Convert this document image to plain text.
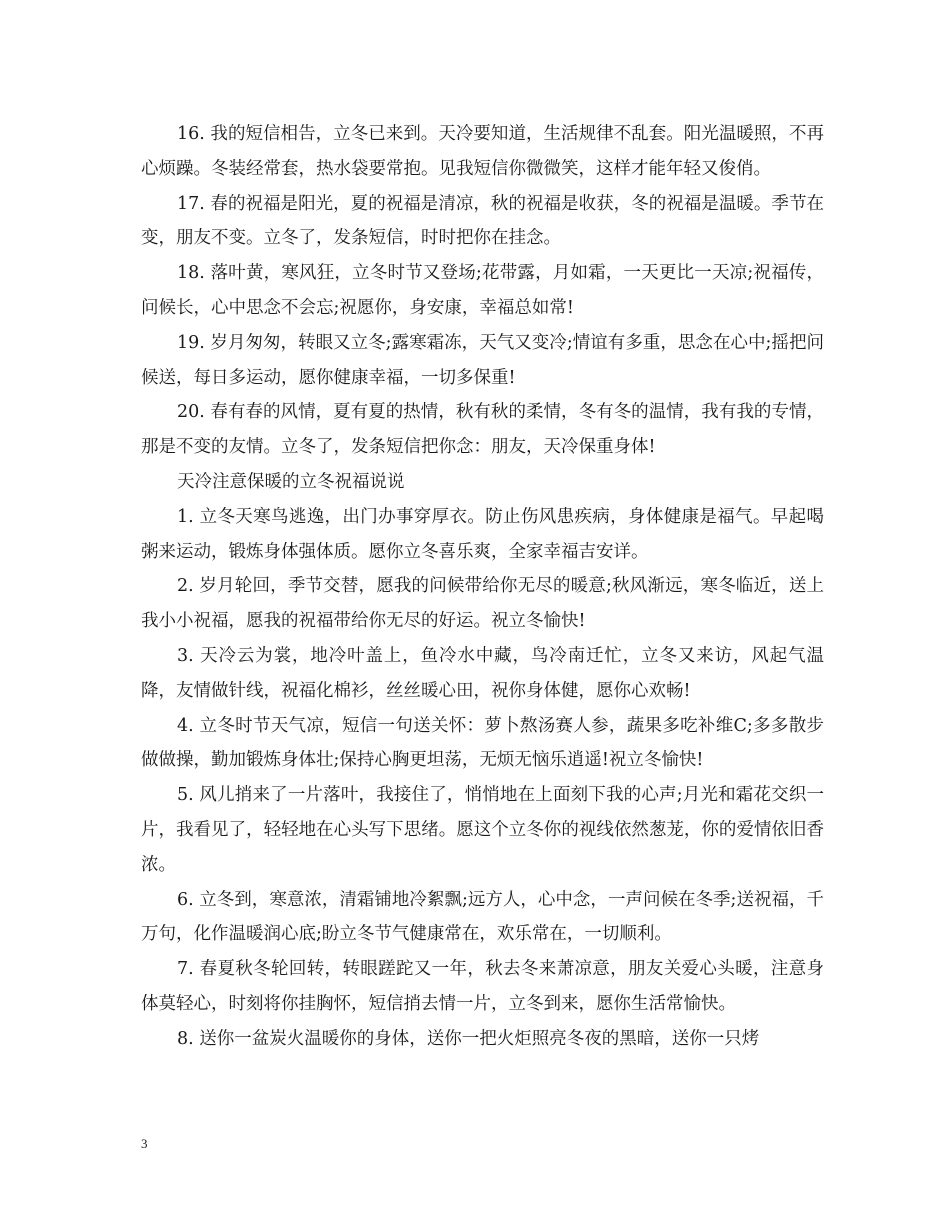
16. 我的短信相告，立冬已来到。天冷要知道，生活规律不乱套。阳光温暖照，不再心烦躁。冬装经常套，热水袋要常抱。见我短信你微微笑，这样才能年轻又俊俏。

17. 春的祝福是阳光，夏的祝福是清凉，秋的祝福是收获，冬的祝福是温暖。季节在变，朋友不变。立冬了，发条短信，时时把你在挂念。

18. 落叶黄，寒风狂，立冬时节又登场;花带露，月如霜，一天更比一天凉;祝福传，问候长，心中思念不会忘;祝愿你，身安康，幸福总如常!

19. 岁月匆匆，转眼又立冬;露寒霜冻，天气又变冷;情谊有多重，思念在心中;摇把问候送，每日多运动，愿你健康幸福，一切多保重!

20. 春有春的风情，夏有夏的热情，秋有秋的柔情，冬有冬的温情，我有我的专情，那是不变的友情。立冬了，发条短信把你念：朋友，天冷保重身体!

天冷注意保暖的立冬祝福说说

1. 立冬天寒鸟逃逸，出门办事穿厚衣。防止伤风患疾病，身体健康是福气。早起喝粥来运动，锻炼身体强体质。愿你立冬喜乐爽，全家幸福吉安详。

2. 岁月轮回，季节交替，愿我的问候带给你无尽的暖意;秋风渐远，寒冬临近，送上我小小祝福，愿我的祝福带给你无尽的好运。祝立冬愉快!

3. 天冷云为裳，地冷叶盖上，鱼冷水中藏，鸟冷南迁忙，立冬又来访，风起气温降，友情做针线，祝福化棉衫，丝丝暖心田，祝你身体健，愿你心欢畅!

4. 立冬时节天气凉，短信一句送关怀：萝卜熬汤赛人参，蔬果多吃补维C;多多散步做做操，勤加锻炼身体壮;保持心胸更坦荡，无烦无恼乐逍遥!祝立冬愉快!

5. 风儿捎来了一片落叶，我接住了，悄悄地在上面刻下我的心声;月光和霜花交织一片，我看见了，轻轻地在心头写下思绪。愿这个立冬你的视线依然葱茏，你的爱情依旧香浓。

6. 立冬到，寒意浓，清霜铺地冷絮飘;远方人，心中念，一声问候在冬季;送祝福，千万句，化作温暖润心底;盼立冬节气健康常在，欢乐常在，一切顺利。

7. 春夏秋冬轮回转，转眼蹉跎又一年，秋去冬来萧凉意，朋友关爱心头暖，注意身体莫轻心，时刻将你挂胸怀，短信捎去情一片，立冬到来，愿你生活常愉快。

8. 送你一盆炭火温暖你的身体，送你一把火炬照亮冬夜的黑暗，送你一只烤

3
